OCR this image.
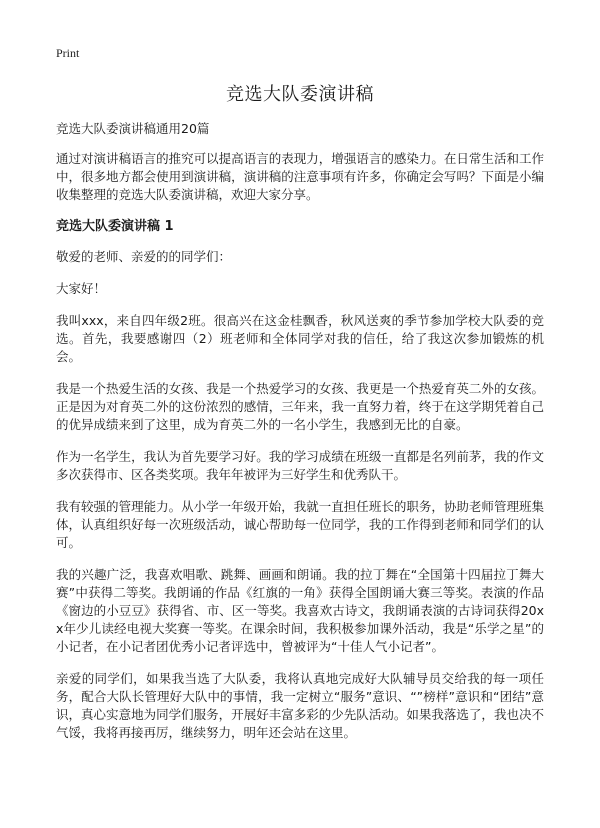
Print
竞选大队委演讲稿
竞选大队委演讲稿通用20篇

通过对演讲稿语言的推究可以提高语言的表现力，增强语言的感染力。在日常生活和工作中，很多地方都会使用到演讲稿，演讲稿的注意事项有许多，你确定会写吗？下面是小编收集整理的竞选大队委演讲稿，欢迎大家分享。

竞选大队委演讲稿 1

敬爱的老师、亲爱的的同学们：

大家好！

我叫xxx，来自四年级2班。很高兴在这金桂飘香，秋风送爽的季节参加学校大队委的竞选。首先，我要感谢四（2）班老师和全体同学对我的信任，给了我这次参加锻炼的机会。

我是一个热爱生活的女孩、我是一个热爱学习的女孩、我更是一个热爱育英二外的女孩。正是因为对育英二外的这份浓烈的感情，三年来，我一直努力着，终于在这学期凭着自己的优异成绩来到了这里，成为育英二外的一名小学生，我感到无比的自豪。

作为一名学生，我认为首先要学习好。我的学习成绩在班级一直都是名列前茅，我的作文多次获得市、区各类奖项。我年年被评为三好学生和优秀队干。

我有较强的管理能力。从小学一年级开始，我就一直担任班长的职务，协助老师管理班集体，认真组织好每一次班级活动，诚心帮助每一位同学，我的工作得到老师和同学们的认可。

我的兴趣广泛，我喜欢唱歌、跳舞、画画和朗诵。我的拉丁舞在“全国第十四届拉丁舞大赛”中获得二等奖。我朗诵的作品《红旗的一角》获得全国朗诵大赛三等奖。表演的作品《窗边的小豆豆》获得省、市、区一等奖。我喜欢古诗文，我朗诵表演的古诗词获得20xx年少儿读经电视大奖赛一等奖。在课余时间，我积极参加课外活动，我是“乐学之星”的小记者，在小记者团优秀小记者评选中，曾被评为“十佳人气小记者”。

亲爱的同学们，如果我当选了大队委，我将认真地完成好大队辅导员交给我的每一项任务，配合大队长管理好大队中的事情，我一定树立“服务”意识、“”榜样”意识和“团结”意识，真心实意地为同学们服务，开展好丰富多彩的少先队活动。如果我落选了，我也决不气馁，我将再接再厉，继续努力，明年还会站在这里。
